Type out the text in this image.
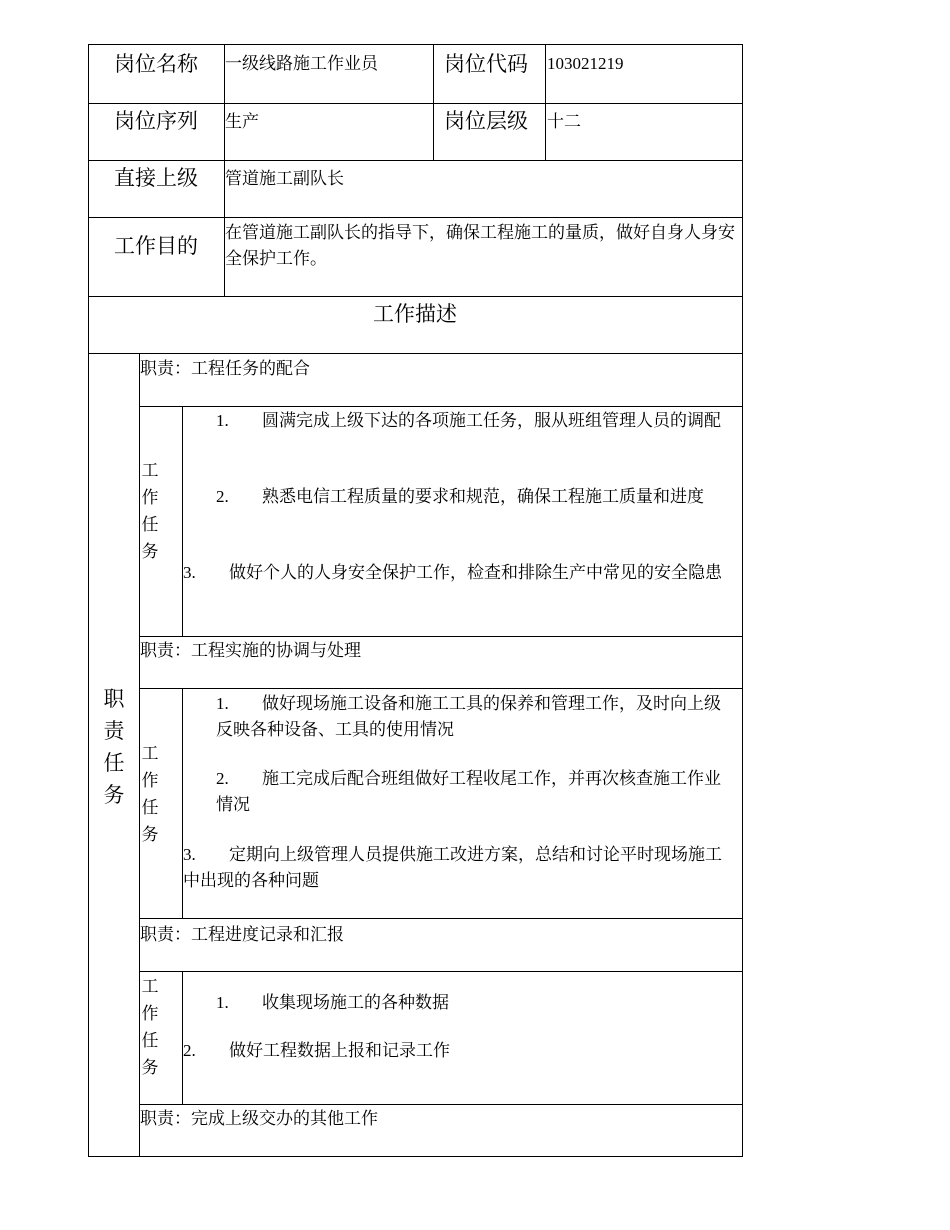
岗位名称 一级线路施工作业员	岗位代码 103021219
岗位序列 生产	岗位层级 十二
直接上级 管道施工副队长
工作目的
在管道施工副队长的指导下，确保工程施工的量质，做好自身人身安全保护工作。
工作描述
职
责
任
务
职责：工程任务的配合
工
作
任
务
1. 圆满完成上级下达的各项施工任务，服从班组管理人员的调配
2. 熟悉电信工程质量的要求和规范，确保工程施工质量和进度
3. 做好个人的人身安全保护工作，检查和排除生产中常见的安全隐患
职责：工程实施的协调与处理
工
作
任
务
1. 做好现场施工设备和施工工具的保养和管理工作，及时向上级反映各种设备、工具的使用情况
2. 施工完成后配合班组做好工程收尾工作，并再次核查施工作业情况
3. 定期向上级管理人员提供施工改进方案，总结和讨论平时现场施工中出现的各种问题
职责：工程进度记录和汇报
工
作
任
务
1. 收集现场施工的各种数据
2. 做好工程数据上报和记录工作
职责：完成上级交办的其他工作
